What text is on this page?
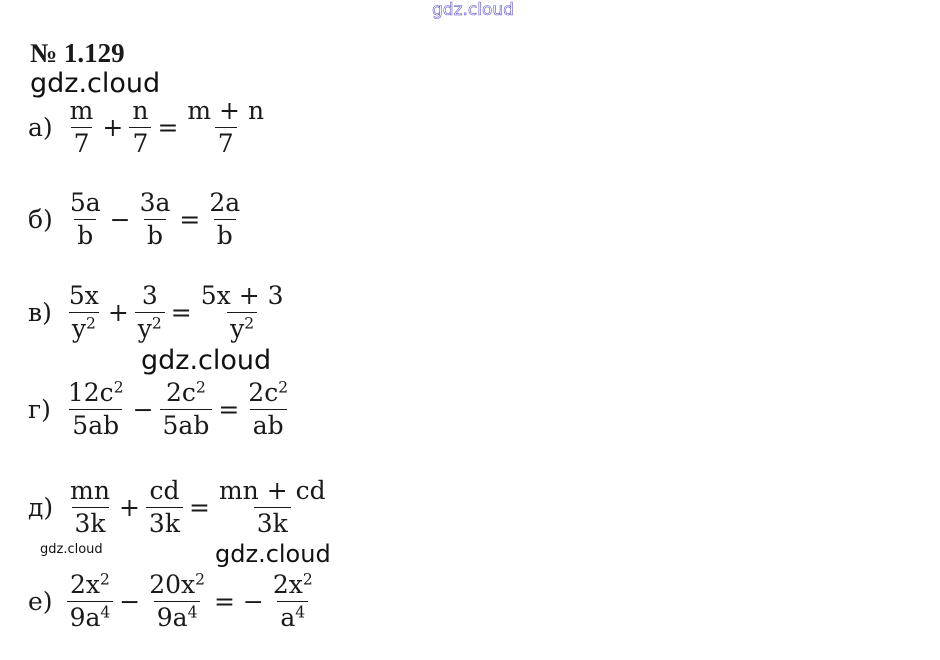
gdz.cloud
№ 1.129
gdz.cloud
gdz.cloud
gdz.cloud	gdz.cloud
$а) \frac{m}{7} + \frac{n}{7} = \frac{m + n}{7}$
$б) \frac{5a}{b} - \frac{3a}{b} = \frac{2a}{b}$
$в) \frac{5x}{y^2} + \frac{3}{y^2} = \frac{5x + 3}{y^2}$
$г) \frac{12c^2}{5ab} - \frac{2c^2}{5ab} = \frac{2c^2}{ab}$
$д) \frac{mn}{3k} + \frac{cd}{3k} = \frac{mn + cd}{3k}$
$е) \frac{2x^2}{9a^4} - \frac{20x^2}{9a^4}$ = − $\frac{2x^2}{a^4}$
